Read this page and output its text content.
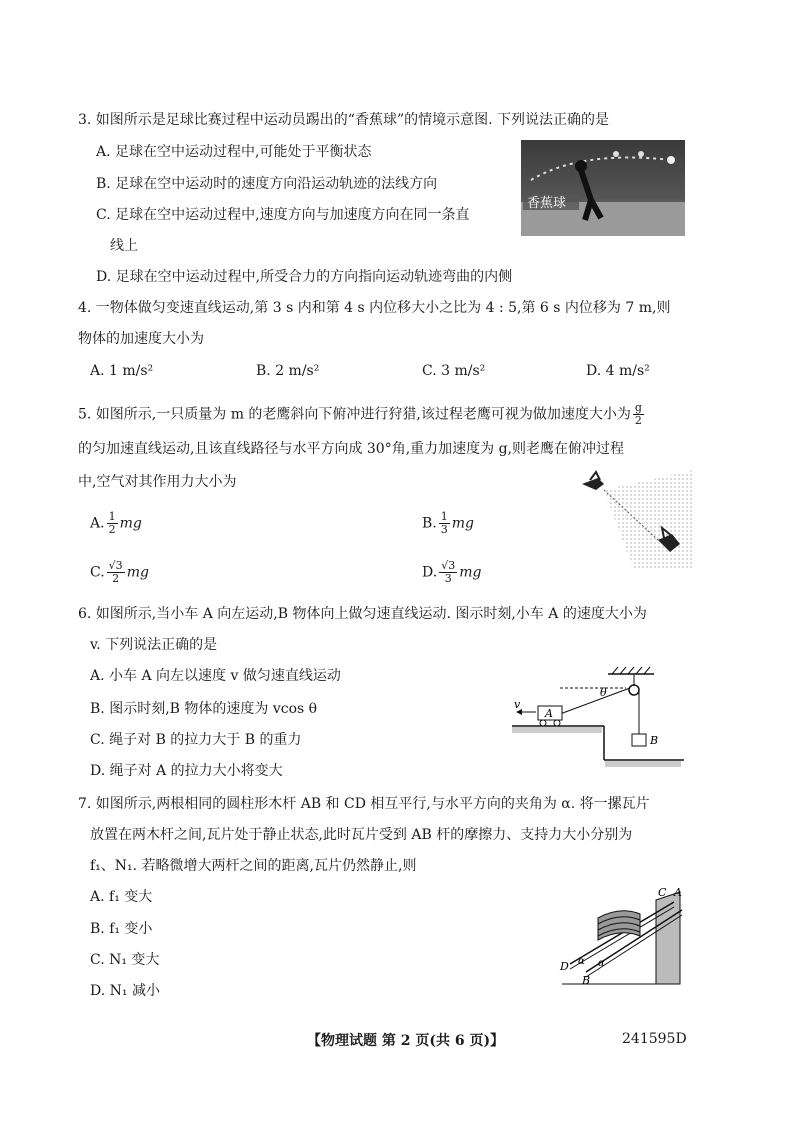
3. 如图所示是足球比赛过程中运动员踢出的“香蕉球”的情境示意图. 下列说法正确的是
A. 足球在空中运动过程中,可能处于平衡状态
B. 足球在空中运动时的速度方向沿运动轨迹的法线方向
C. 足球在空中运动过程中,速度方向与加速度方向在同一条直
线上
D. 足球在空中运动过程中,所受合力的方向指向运动轨迹弯曲的内侧
香蕉球
4. 一物体做匀变速直线运动,第 3 s 内和第 4 s 内位移大小之比为 4 : 5,第 6 s 内位移为 7 m,则
物体的加速度大小为
A. 1 m/s²	B. 2 m/s²	C. 3 m/s²	D. 4 m/s²
5. 如图所示,一只质量为 m 的老鹰斜向下俯冲进行狩猎,该过程老鹰可视为做加速度大小为 $\frac{g}{2}$
的匀加速直线运动,且该直线路径与水平方向成 30°角,重力加速度为 g,则老鹰在俯冲过程
中,空气对其作用力大小为
A. $\frac{1}{2}$ mg	B. $\frac{1}{3}$ mg
C. $\frac{√3}{2}$ mg	D. $\frac{√3}{3}$ mg
6. 如图所示,当小车 A 向左运动,B 物体向上做匀速直线运动. 图示时刻,小车 A 的速度大小为
v. 下列说法正确的是
A. 小车 A 向左以速度 v 做匀速直线运动
B. 图示时刻,B 物体的速度为 vcos θ
C. 绳子对 B 的拉力大于 B 的重力
D. 绳子对 A 的拉力大小将变大
θ
A
v
B
7. 如图所示,两根相同的圆柱形木杆 AB 和 CD 相互平行,与水平方向的夹角为 α. 将一摞瓦片
放置在两木杆之间,瓦片处于静止状态,此时瓦片受到 AB 杆的摩擦力、支持力大小分别为
f₁、N₁. 若略微增大两杆之间的距离,瓦片仍然静止,则
A. f₁ 变大
B. f₁ 变小
C. N₁ 变大
D. N₁ 减小
C A
D
B
α α
【物理试题 第 2 页(共 6 页)】	241595D
